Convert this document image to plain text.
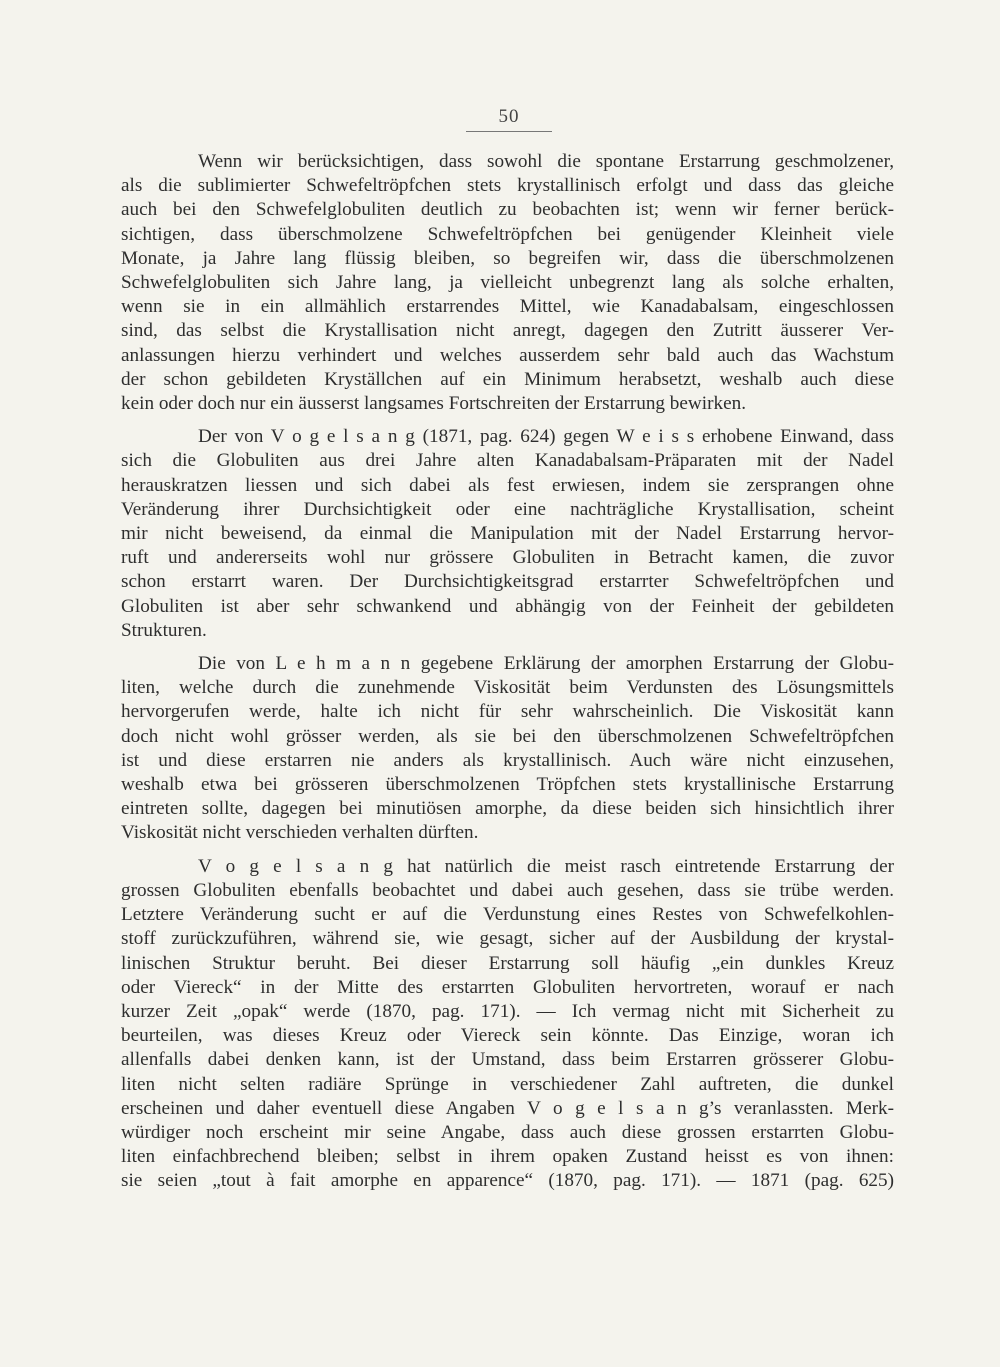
50
Wenn wir berücksichtigen, dass sowohl die spontane Erstarrung geschmolzener,
als die sublimierter Schwefeltröpfchen stets krystallinisch erfolgt und dass das gleiche
auch bei den Schwefelglobuliten deutlich zu beobachten ist; wenn wir ferner berück-
sichtigen, dass überschmolzene Schwefeltröpfchen bei genügender Kleinheit viele
Monate, ja Jahre lang flüssig bleiben, so begreifen wir, dass die überschmolzenen
Schwefelglobuliten sich Jahre lang, ja vielleicht unbegrenzt lang als solche erhalten,
wenn sie in ein allmählich erstarrendes Mittel, wie Kanadabalsam, eingeschlossen
sind, das selbst die Krystallisation nicht anregt, dagegen den Zutritt äusserer Ver-
anlassungen hierzu verhindert und welches ausserdem sehr bald auch das Wachstum
der schon gebildeten Kryställchen auf ein Minimum herabsetzt, weshalb auch diese
kein oder doch nur ein äusserst langsames Fortschreiten der Erstarrung bewirken.
Der von V o g e l s a n g (1871, pag. 624) gegen W e i s s erhobene Einwand, dass
sich die Globuliten aus drei Jahre alten Kanadabalsam-Präparaten mit der Nadel
herauskratzen liessen und sich dabei als fest erwiesen, indem sie zersprangen ohne
Veränderung ihrer Durchsichtigkeit oder eine nachträgliche Krystallisation, scheint
mir nicht beweisend, da einmal die Manipulation mit der Nadel Erstarrung hervor-
ruft und andererseits wohl nur grössere Globuliten in Betracht kamen, die zuvor
schon erstarrt waren. Der Durchsichtigkeitsgrad erstarrter Schwefeltröpfchen und
Globuliten ist aber sehr schwankend und abhängig von der Feinheit der gebildeten
Strukturen.
Die von L e h m a n n gegebene Erklärung der amorphen Erstarrung der Globu-
liten, welche durch die zunehmende Viskosität beim Verdunsten des Lösungsmittels
hervorgerufen werde, halte ich nicht für sehr wahrscheinlich. Die Viskosität kann
doch nicht wohl grösser werden, als sie bei den überschmolzenen Schwefeltröpfchen
ist und diese erstarren nie anders als krystallinisch. Auch wäre nicht einzusehen,
weshalb etwa bei grösseren überschmolzenen Tröpfchen stets krystallinische Erstarrung
eintreten sollte, dagegen bei minutiösen amorphe, da diese beiden sich hinsichtlich ihrer
Viskosität nicht verschieden verhalten dürften.
V o g e l s a n g hat natürlich die meist rasch eintretende Erstarrung der
grossen Globuliten ebenfalls beobachtet und dabei auch gesehen, dass sie trübe werden.
Letztere Veränderung sucht er auf die Verdunstung eines Restes von Schwefelkohlen-
stoff zurückzuführen, während sie, wie gesagt, sicher auf der Ausbildung der krystal-
linischen Struktur beruht. Bei dieser Erstarrung soll häufig „ein dunkles Kreuz
oder Viereck“ in der Mitte des erstarrten Globuliten hervortreten, worauf er nach
kurzer Zeit „opak“ werde (1870, pag. 171). — Ich vermag nicht mit Sicherheit zu
beurteilen, was dieses Kreuz oder Viereck sein könnte. Das Einzige, woran ich
allenfalls dabei denken kann, ist der Umstand, dass beim Erstarren grösserer Globu-
liten nicht selten radiäre Sprünge in verschiedener Zahl auftreten, die dunkel
erscheinen und daher eventuell diese Angaben V o g e l s a n g’s veranlassten. Merk-
würdiger noch erscheint mir seine Angabe, dass auch diese grossen erstarrten Globu-
liten einfachbrechend bleiben; selbst in ihrem opaken Zustand heisst es von ihnen:
sie seien „tout à fait amorphe en apparence“ (1870, pag. 171). — 1871 (pag. 625)
